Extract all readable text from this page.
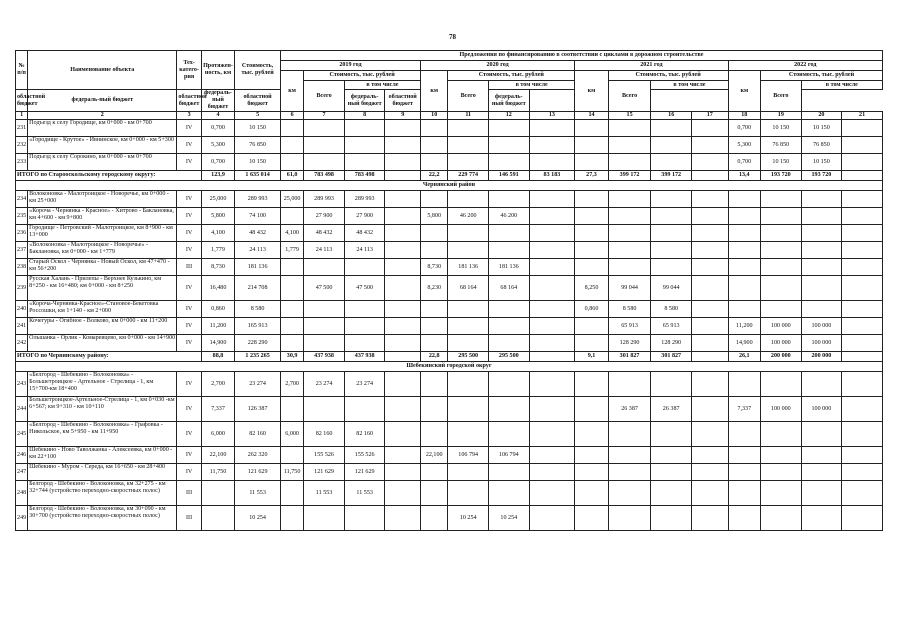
78
№ п/п	Наименование объекта	Тех-катего-рия	Протяжен-ность, км	Стоимость, тыс. рублей	Предложения по финансированию в соответствии с циклами в дорожном строительстве															
					2019 год				2020 год				2021 год				2022 год			
					км	Стоимость, тыс. рублей			км	Стоимость, тыс. рублей			км	Стоимость, тыс. рублей			км	Стоимость, тыс. рублей		
						Всего	в том числе			Всего	в том числе			Всего	в том числе			Всего	в том числе	
областной бюджет	федераль-ный бюджет	областной бюджет	федераль-ный бюджет	областной бюджет			федераль-ный бюджет	областной бюджет			федераль-ный бюджет									
1	2	3	4	5	6	7	8	9	10	11	12	13	14	15	16	17	18	19	20	21
231	Подъезд к селу Городище, км 0+000 - км 0+700	IV	0,700	10 150													0,700	10 150	10 150	
232	«Городище - Крутое» - Ивнинское, км 0+000 - км 5+300	IV	5,300	76 850													5,300	76 850	76 850	
233	Подъезд к селу Сорокино, км 0+000 - км 0+700	IV	0,700	10 150													0,700	10 150	10 150	
ИТОГО по Старооскольскому городскому округу:			123,9	1 635 014	61,0	783 498	783 498		22,2	229 774	146 591	83 183	27,3	399 172	399 172		13,4	193 720	193 720	
Чернянский район																				
234	Волоконовка - Малотроицкое - Новоречье, км 0+000 - км 25+000	IV	25,000	289 993	25,000	289 993	289 993													
235	«Короча - Чернянка - Красное» - Хитрово - Баклановка, км 4+600 - км 9+800	IV	5,800	74 100		27 900	27 900		5,800	46 200	46 200									
236	Городище - Петровский - Малотроицкое, км 8+900 - км 13+000	IV	4,100	48 432	4,100	48 432	48 432													
237	«Волоконовка - Малотроицкое - Новоречье» - Баклановка, км 0+000 - км 1+779	IV	1,779	24 113	1,779	24 113	24 113													
238	Старый Оскол - Чернянка - Новый Оскол, км 47+470 - км 56+200	III	8,730	181 136					8,730	181 136	181 136									
239	Русская Халань - Прилепы - Верхнее Кузькино, км 8+250 - км 16+480; км 0+000 - км 8+250	IV	16,480	214 708		47 500	47 500		8,230	68 164	68 164		8,250	99 044	99 044					
240	«Короча-Чернянка-Красное»-Становое-Бекетовка Россошки, км 1+140 - км 2+000	IV	0,860	8 580									0,860	8 580	8 580					
241	Кочегуры - Огибное - Волково, км 0+000 - км 11+200	IV	11,200	165 913										65 913	65 913		11,200	100 000	100 000	
242	Ольшанка - Орлик - Комаревцево, км 0+000 - км 14+900	IV	14,900	228 290										128 290	128 290		14,900	100 000	100 000	
ИТОГО по Чернянскому району:			88,8	1 235 265	30,9	437 938	437 938		22,8	295 500	295 500		9,1	301 827	301 827		26,1	200 000	200 000	
Шебекинский городской округ																				
243	«Белгород - Шебекино - Волоконовка» - Большетроицкое - Артельное - Стрелица - 1, км 15+700-км 18+400	IV	2,700	23 274	2,700	23 274	23 274													
244	Большетроицкое-Артельное-Стрелица - 1, км 0+030 -км 6+567; км 9+310 - км 10+110	IV	7,337	126 387										26 387	26 387		7,337	100 000	100 000	
245	«Белгород - Шебекино - Волоконовка» - Графовка - Никольское, км 5+950 - км 11+950	IV	6,000	82 160	6,000	82 160	82 160													
246	Шебекино - Ново Таволжанка - Алексеевка, км 0+000 - км 22+100	IV	22,100	262 320		155 526	155 526		22,100	106 794	106 794									
247	Шебекино - Муром - Середа, км 16+650 - км 28+400	IV	11,750	121 629	11,750	121 629	121 629													
248	Белгород - Шебекино - Волоконовка, км 32+275 - км 32+744 (устройство переходно-скоростных полос)	III		11 553		11 553	11 553													
249	Белгород - Шебекино - Волоконовка, км 30+090 - км 30+700 (устройство переходно-скоростных полос)	III		10 254						10 254	10 254									
